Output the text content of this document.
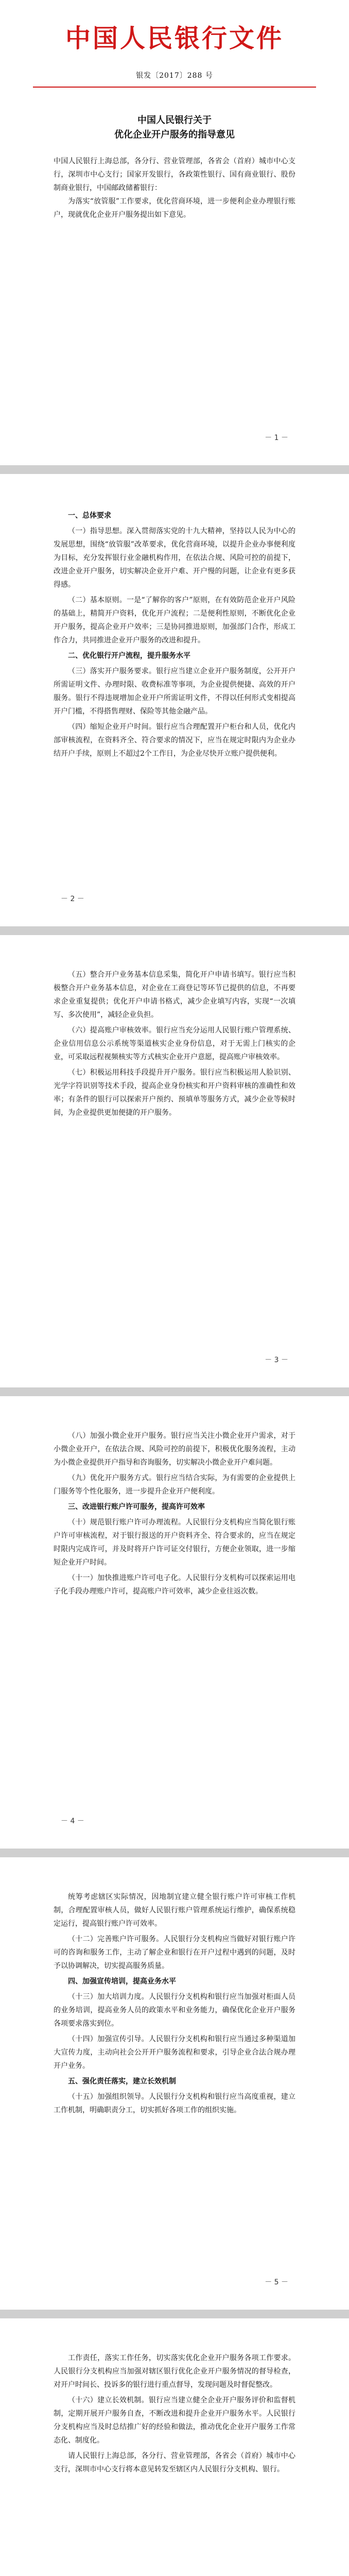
中国人民银行文件
银发〔2017〕288 号
中国人民银行关于
优化企业开户服务的指导意见
中国人民银行上海总部，各分行、营业管理部，各省会（首府）城市中心支行，深圳市中心支行；国家开发银行，各政策性银行、国有商业银行、股份制商业银行，中国邮政储蓄银行：

为落实“放管服”工作要求，优化营商环境，进一步便利企业办理银行账户，现就优化企业开户服务提出如下意见。

－ 1 －
一、总体要求

（一）指导思想。深入贯彻落实党的十九大精神，坚持以人民为中心的发展思想，围绕“放管服”改革要求，优化营商环境，以提升企业办事便利度为目标，充分发挥银行业金融机构作用，在依法合规、风险可控的前提下，改进企业开户服务，切实解决企业开户难、开户慢的问题，让企业有更多获得感。

（二）基本原则。一是“了解你的客户”原则，在有效防范企业开户风险的基础上，精简开户资料，优化开户流程；二是便利性原则，不断优化企业开户服务，提高企业开户效率；三是协同推进原则，加强部门合作，形成工作合力，共同推进企业开户服务的改进和提升。

二、优化银行开户流程，提升服务水平

（三）落实开户服务要求。银行应当建立企业开户服务制度，公开开户所需证明文件、办理时限、收费标准等事项，为企业提供便捷、高效的开户服务。银行不得违规增加企业开户所需证明文件，不得以任何形式变相提高开户门槛，不得搭售理财、保险等其他金融产品。

（四）缩短企业开户时间。银行应当合理配置开户柜台和人员，优化内部审核流程，在资料齐全、符合要求的情况下，应当在规定时限内为企业办结开户手续，原则上不超过2个工作日，为企业尽快开立账户提供便利。

－ 2 －

（五）整合开户业务基本信息采集，简化开户申请书填写。银行应当积极整合开户业务基本信息，对企业在工商登记等环节已提供的信息，不再要求企业重复提供；优化开户申请书格式，减少企业填写内容，实现“一次填写、多次使用”，减轻企业负担。

（六）提高账户审核效率。银行应当充分运用人民银行账户管理系统、企业信用信息公示系统等渠道核实企业身份信息，对于无需上门核实的企业，可采取远程视频核实等方式核实企业开户意愿，提高账户审核效率。

（七）积极运用科技手段提升开户服务。银行应当积极运用人脸识别、光学字符识别等技术手段，提高企业身份核实和开户资料审核的准确性和效率；有条件的银行可以探索开户预约、预填单等服务方式，减少企业等候时间，为企业提供更加便捷的开户服务。

－ 3 －

（八）加强小微企业开户服务。银行应当关注小微企业开户需求，对于小微企业开户，在依法合规、风险可控的前提下，积极优化服务流程，主动为小微企业提供开户指导和咨询服务，切实解决小微企业开户难问题。

（九）优化开户服务方式。银行应当结合实际，为有需要的企业提供上门服务等个性化服务，进一步提升企业开户便利度。

三、改进银行账户许可服务，提高许可效率

（十）规范银行账户许可办理流程。人民银行分支机构应当简化银行账户许可审核流程，对于银行报送的开户资料齐全、符合要求的，应当在规定时限内完成许可，并及时将开户许可证交付银行，方便企业领取，进一步缩短企业开户时间。

（十一）加快推进账户许可电子化。人民银行分支机构可以探索运用电子化手段办理账户许可，提高账户许可效率，减少企业往返次数。

－ 4 －

统筹考虑辖区实际情况，因地制宜建立健全银行账户许可审核工作机制，合理配置审核人员，做好人民银行账户管理系统运行维护，确保系统稳定运行，提高银行账户许可效率。

（十二）完善账户许可服务。人民银行分支机构应当做好对银行账户许可的咨询和服务工作，主动了解企业和银行在开户过程中遇到的问题，及时予以协调解决，切实提高服务质量。

四、加强宣传培训，提高业务水平

（十三）加大培训力度。人民银行分支机构和银行应当加强对柜面人员的业务培训，提高业务人员的政策水平和业务能力，确保优化企业开户服务各项要求落实到位。

（十四）加强宣传引导。人民银行分支机构和银行应当通过多种渠道加大宣传力度，主动向社会公开开户服务流程和要求，引导企业合法合规办理开户业务。

五、强化责任落实，建立长效机制

（十五）加强组织领导。人民银行分支机构和银行应当高度重视，建立工作机制，明确职责分工，切实抓好各项工作的组织实施。

－ 5 －

工作责任，落实工作任务，切实落实优化企业开户服务各项工作要求。人民银行分支机构应当加强对辖区银行优化企业开户服务情况的督导检查，对开户时间长、投诉多的银行进行重点督导，发现问题及时督促整改。

（十六）建立长效机制。银行应当建立健全企业开户服务评价和监督机制，定期开展开户服务自查，不断改进和提升企业开户服务水平。人民银行分支机构应当及时总结推广好的经验和做法，推动优化企业开户服务工作常态化、制度化。

请人民银行上海总部，各分行、营业管理部，各省会（首府）城市中心支行，深圳市中心支行将本意见转发至辖区内人民银行分支机构、银行。
